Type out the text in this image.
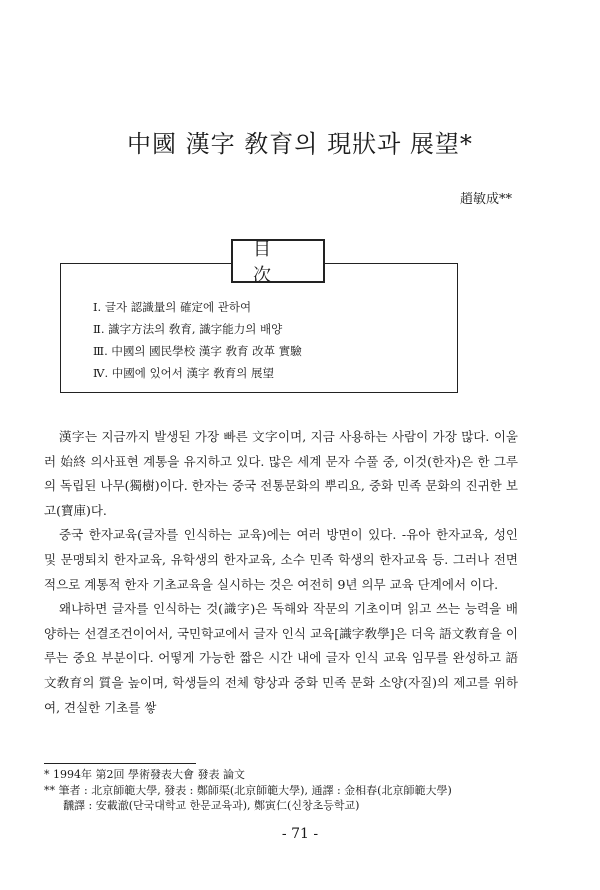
中國 漢字 敎育의 現狀과 展望*
趙敏成**
目 次
Ⅰ. 글자 認識量의 確定에 관하여
Ⅱ. 識字方法의 敎育, 識字能力의 배양
Ⅲ. 中國의 國民學校 漢字 敎育 改革 實驗
Ⅳ. 中國에 있어서 漢字 敎育의 展望

漢字는 지금까지 발생된 가장 빠른 文字이며, 지금 사용하는 사람이 가장 많다. 이울러 始終 의사표현 계통을 유지하고 있다. 많은 세계 문자 수풀 중, 이것(한자)은 한 그루의 독립된 나무(獨樹)이다. 한자는 중국 전통문화의 뿌리요, 중화 민족 문화의 진귀한 보고(寶庫)다.

중국 한자교육(글자를 인식하는 교육)에는 여러 방면이 있다. -유아 한자교육, 성인 및 문맹퇴치 한자교육, 유학생의 한자교육, 소수 민족 학생의 한자교육 등. 그러나 전면적으로 계통적 한자 기초교육을 실시하는 것은 여전히 9년 의무 교육 단계에서 이다.

왜냐하면 글자를 인식하는 것(識字)은 독해와 작문의 기초이며 읽고 쓰는 능력을 배양하는 선결조건이어서, 국민학교에서 글자 인식 교육[識字敎學]은 더욱 語文敎育을 이루는 중요 부분이다. 어떻게 가능한 짧은 시간 내에 글자 인식 교육 임무를 완성하고 語文敎育의 質을 높이며, 학생들의 전체 향상과 중화 민족 문화 소양(자질)의 제고를 위하여, 견실한 기초를 쌓

* 1994年 第2回 學術發表大會 發表 論文
** 筆者 : 北京師範大學, 發表 : 鄭師渠(北京師範大學), 通譯 : 金相春(北京師範大學)
飜譯 : 安載澈(단국대학교 한문교육과), 鄭寅仁(신창초등학교)
- 71 -
